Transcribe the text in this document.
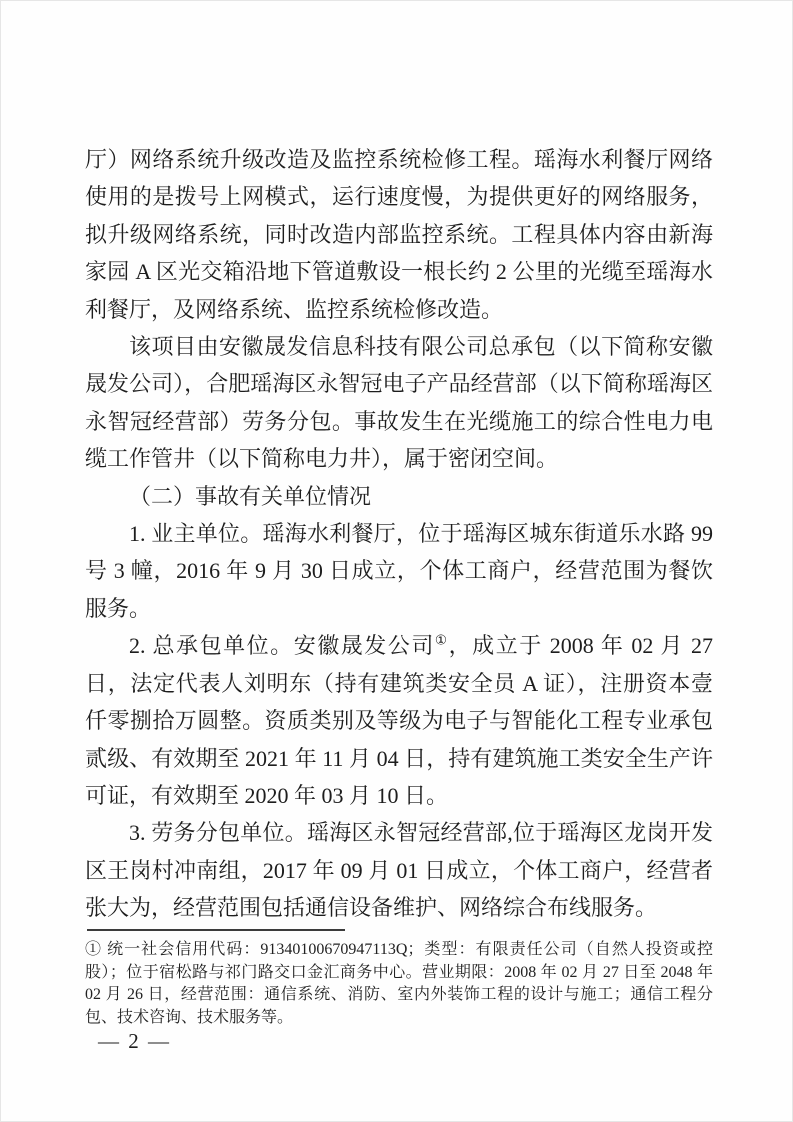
厅）网络系统升级改造及监控系统检修工程。瑶海水利餐厅网络使用的是拨号上网模式，运行速度慢，为提供更好的网络服务，拟升级网络系统，同时改造内部监控系统。工程具体内容由新海家园 A 区光交箱沿地下管道敷设一根长约 2 公里的光缆至瑶海水利餐厅，及网络系统、监控系统检修改造。

该项目由安徽晟发信息科技有限公司总承包（以下简称安徽晟发公司），合肥瑶海区永智冠电子产品经营部（以下简称瑶海区永智冠经营部）劳务分包。事故发生在光缆施工的综合性电力电缆工作管井（以下简称电力井），属于密闭空间。

（二）事故有关单位情况

1. 业主单位。瑶海水利餐厅，位于瑶海区城东街道乐水路 99 号 3 幢，2016 年 9 月 30 日成立，个体工商户，经营范围为餐饮服务。

2. 总承包单位。安徽晟发公司①，成立于 2008 年 02 月 27 日，法定代表人刘明东（持有建筑类安全员 A 证），注册资本壹仟零捌拾万圆整。资质类别及等级为电子与智能化工程专业承包贰级、有效期至 2021 年 11 月 04 日，持有建筑施工类安全生产许可证，有效期至 2020 年 03 月 10 日。

3. 劳务分包单位。瑶海区永智冠经营部,位于瑶海区龙岗开发区王岗村冲南组，2017 年 09 月 01 日成立，个体工商户，经营者张大为，经营范围包括通信设备维护、网络综合布线服务。

① 统一社会信用代码：91340100670947113Q；类型：有限责任公司（自然人投资或控股）；位于宿松路与祁门路交口金汇商务中心。营业期限：2008 年 02 月 27 日至 2048 年 02 月 26 日，经营范围：通信系统、消防、室内外装饰工程的设计与施工；通信工程分包、技术咨询、技术服务等。

— 2 —
